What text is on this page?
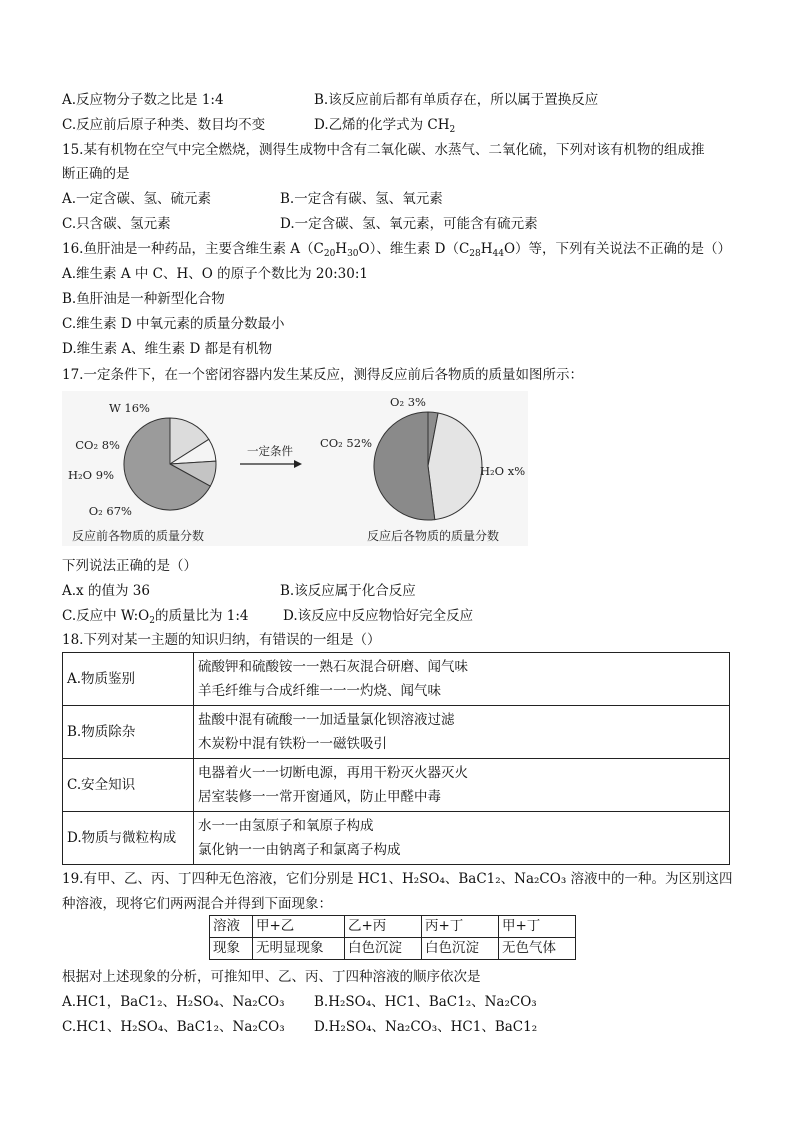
A.反应物分子数之比是 1:4	B.该反应前后都有单质存在，所以属于置换反应
C.反应前后原子种类、数目均不变	D.乙烯的化学式为 $CH_2$
15.某有机物在空气中完全燃烧，测得生成物中含有二氧化碳、水蒸气、二氧化硫，下列对该有机物的组成推
断正确的是
A.一定含碳、氢、硫元素	B.一定含有碳、氢、氧元素
C.只含碳、氢元素	D.一定含碳、氢、氧元素，可能含有硫元素
16.鱼肝油是一种药品，主要含维生素 $A(C_{20}H_{30}O)$、维生素 $D(C_{28}H_{44}O)$等，下列有关说法不正确的是（）
A.维生素 A 中 C、H、O 的原子个数比为 20:30:1
B.鱼肝油是一种新型化合物
C.维生素 D 中氧元素的质量分数最小
D.维生素 A、维生素 D 都是有机物
17.一定条件下，在一个密闭容器内发生某反应，测得反应前后各物质的质量如图所示：
W 16%
CO₂ 8%
H₂O 9%
O₂ 67%
反应前各物质的质量分数
O₂ 3%
H₂O x%
CO₂ 52%
反应后各物质的质量分数
一定条件
下列说法正确的是（）
A.x 的值为 36	B.该反应属于化合反应
C.反应中 $W:O_2$的质量比为 1:4	D.该反应中反应物恰好完全反应
18.下列对某一主题的知识归纳，有错误的一组是（）
A.物质鉴别	硫酸钾和硫酸铵一一熟石灰混合研磨、闻气味
羊毛纤维与合成纤维一一一灼烧、闻气味

B.物质除杂	盐酸中混有硫酸一一加适量氯化钡溶液过滤
木炭粉中混有铁粉一一磁铁吸引

C.安全知识	电器着火一一切断电源，再用干粉灭火器灭火
居室装修一一常开窗通风，防止甲醛中毒

D.物质与微粒构成	水一一由氢原子和氧原子构成
氯化钠一一由钠离子和氯离子构成
19.有甲、乙、丙、丁四种无色溶液，它们分别是 HC1、H₂SO₄、BaC1₂、Na₂CO₃ 溶液中的一种。为区别这四
种溶液，现将它们两两混合并得到下面现象：
溶液	甲+乙	乙+丙	丙+丁	甲+丁
现象	无明显现象	白色沉淀	白色沉淀	无色气体
根据对上述现象的分析，可推知甲、乙、丙、丁四种溶液的顺序依次是
A.HC1，BaC1₂、H₂SO₄、Na₂CO₃ B.H₂SO₄、HC1、BaC1₂、Na₂CO₃
C.HC1、H₂SO₄、BaC1₂、Na₂CO₃ D.H₂SO₄、Na₂CO₃、HC1、BaC1₂
